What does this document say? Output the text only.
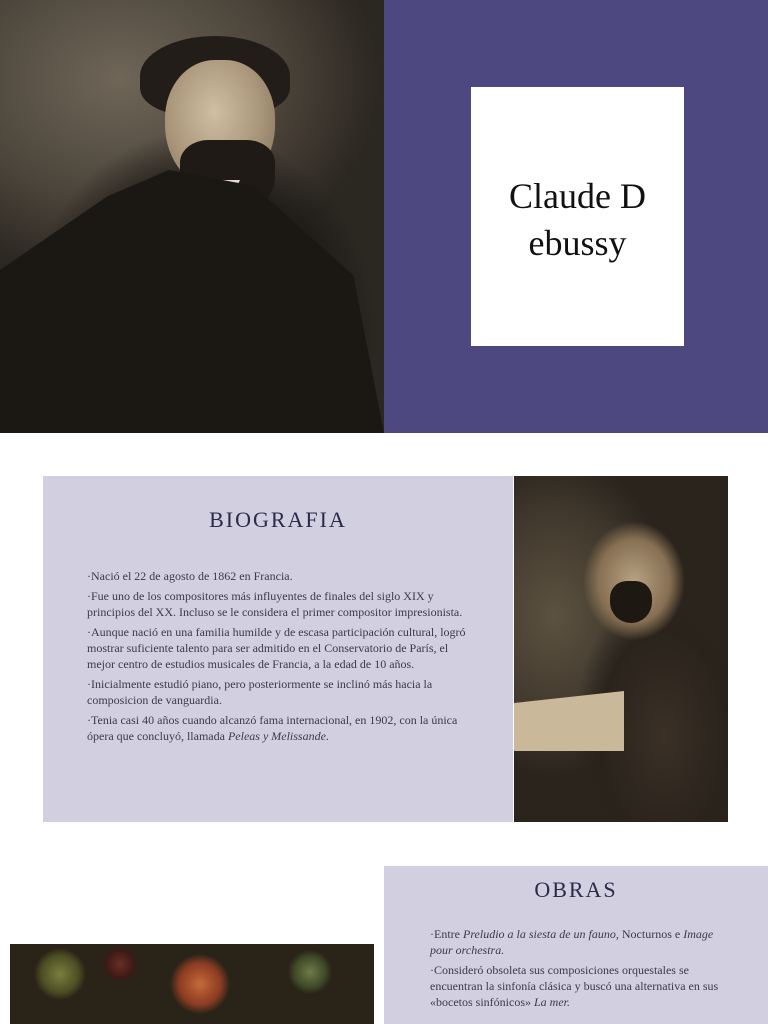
Claude Debussy
BIOGRAFIA
·Nació el 22 de agosto de 1862 en Francia.
·Fue uno de los compositores más influyentes de finales del siglo XIX y principios del XX. Incluso se le considera el primer compositor impresionista.
·Aunque nació en una familia humilde y de escasa participación cultural, logró mostrar suficiente talento para ser admitido en el Conservatorio de París, el mejor centro de estudios musicales de Francia, a la edad de 10 años.
·Inicialmente estudió piano, pero posteriormente se inclinó más hacia la composicion de vanguardia.
·Tenia casi 40 años cuando alcanzó fama internacional, en 1902, con la única ópera que concluyó, llamada Peleas y Melissande.
OBRAS
·Entre Preludio a la siesta de un fauno, Nocturnos e Image pour orchestra.
·Consideró obsoleta sus composiciones orquestales se encuentran la sinfonía clásica y buscó una alternativa en sus «bocetos sinfónicos» La mer.
